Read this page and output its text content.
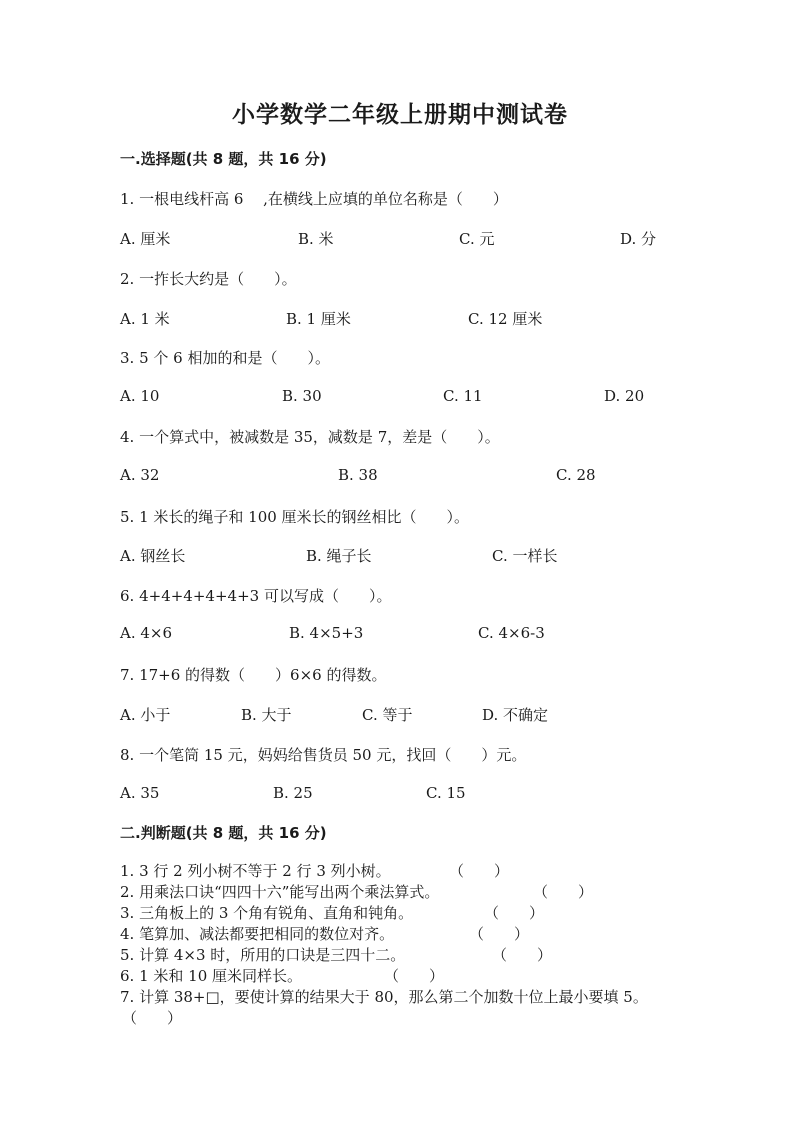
小学数学二年级上册期中测试卷
一.选择题(共 8 题，共 16 分)
1. 一根电线杆高 6　 ,在横线上应填的单位名称是（　　）
A. 厘米	B. 米	C. 元	D. 分
2. 一拃长大约是（　　）。
A. 1 米	B. 1 厘米	C. 12 厘米
3. 5 个 6 相加的和是（　　）。
A. 10	B. 30	C. 11	D. 20
4. 一个算式中，被减数是 35，减数是 7，差是（　　）。
A. 32	B. 38	C. 28
5. 1 米长的绳子和 100 厘米长的钢丝相比（　　）。
A. 钢丝长	B. 绳子长	C. 一样长
6. 4+4+4+4+4+3 可以写成（　　）。
A. 4×6	B. 4×5+3	C. 4×6-3
7. 17+6 的得数（　　）6×6 的得数。
A. 小于	B. 大于	C. 等于	D. 不确定
8. 一个笔筒 15 元，妈妈给售货员 50 元，找回（　　）元。
A. 35	B. 25	C. 15
二.判断题(共 8 题，共 16 分)
1. 3 行 2 列小树不等于 2 行 3 列小树。	（　　）
2. 用乘法口诀“四四十六”能写出两个乘法算式。	（　　）
3. 三角板上的 3 个角有锐角、直角和钝角。	（　　）
4. 笔算加、减法都要把相同的数位对齐。	（　　）
5. 计算 4×3 时，所用的口诀是三四十二。	（　　）
6. 1 米和 10 厘米同样长。	（　　）
7. 计算 38+□，要使计算的结果大于 80，那么第二个加数十位上最小要填 5。
（　　）
